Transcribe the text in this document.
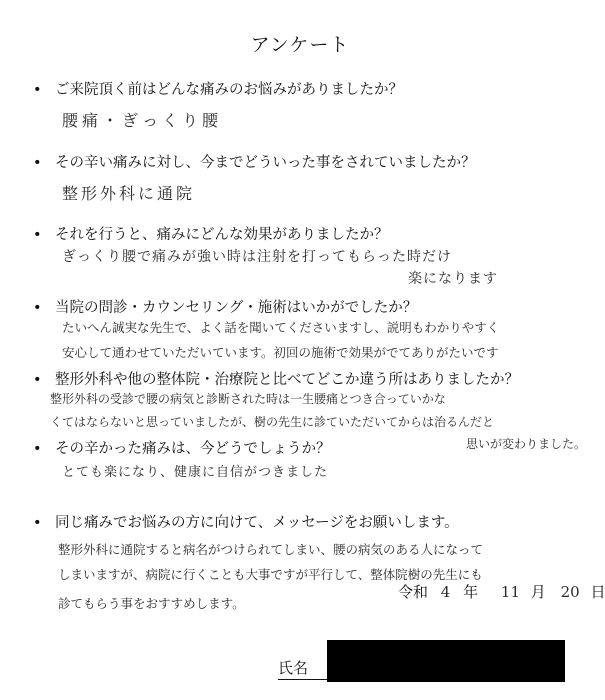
アンケート
• ご来院頂く前はどんな痛みのお悩みがありましたか？
腰痛・ぎっくり腰
• その辛い痛みに対し、今までどういった事をされていましたか？
整形外科に通院
• それを行うと、痛みにどんな効果がありましたか？
ぎっくり腰で痛みが強い時は注射を打ってもらった時だけ
楽になります
• 当院の問診・カウンセリング・施術はいかがでしたか？
たいへん誠実な先生で、よく話を聞いてくださいますし、説明もわかりやすく
安心して通わせていただいています。初回の施術で効果がでてありがたいです
• 整形外科や他の整体院・治療院と比べてどこか違う所はありましたか？
整形外科の受診で腰の病気と診断された時は一生腰痛とつき合っていかな
くてはならないと思っていましたが、樹の先生に診ていただいてからは治るんだと
思いが変わりました。
• その辛かった痛みは、今どうでしょうか？
とても楽になり、健康に自信がつきました
• 同じ痛みでお悩みの方に向けて、メッセージをお願いします。
整形外科に通院すると病名がつけられてしまい、腰の病気のある人になって
しまいますが、病院に行くことも大事ですが平行して、整体院樹の先生にも
診てもらう事をおすすめします。
令和 4 年 11 月 20 日
氏名
